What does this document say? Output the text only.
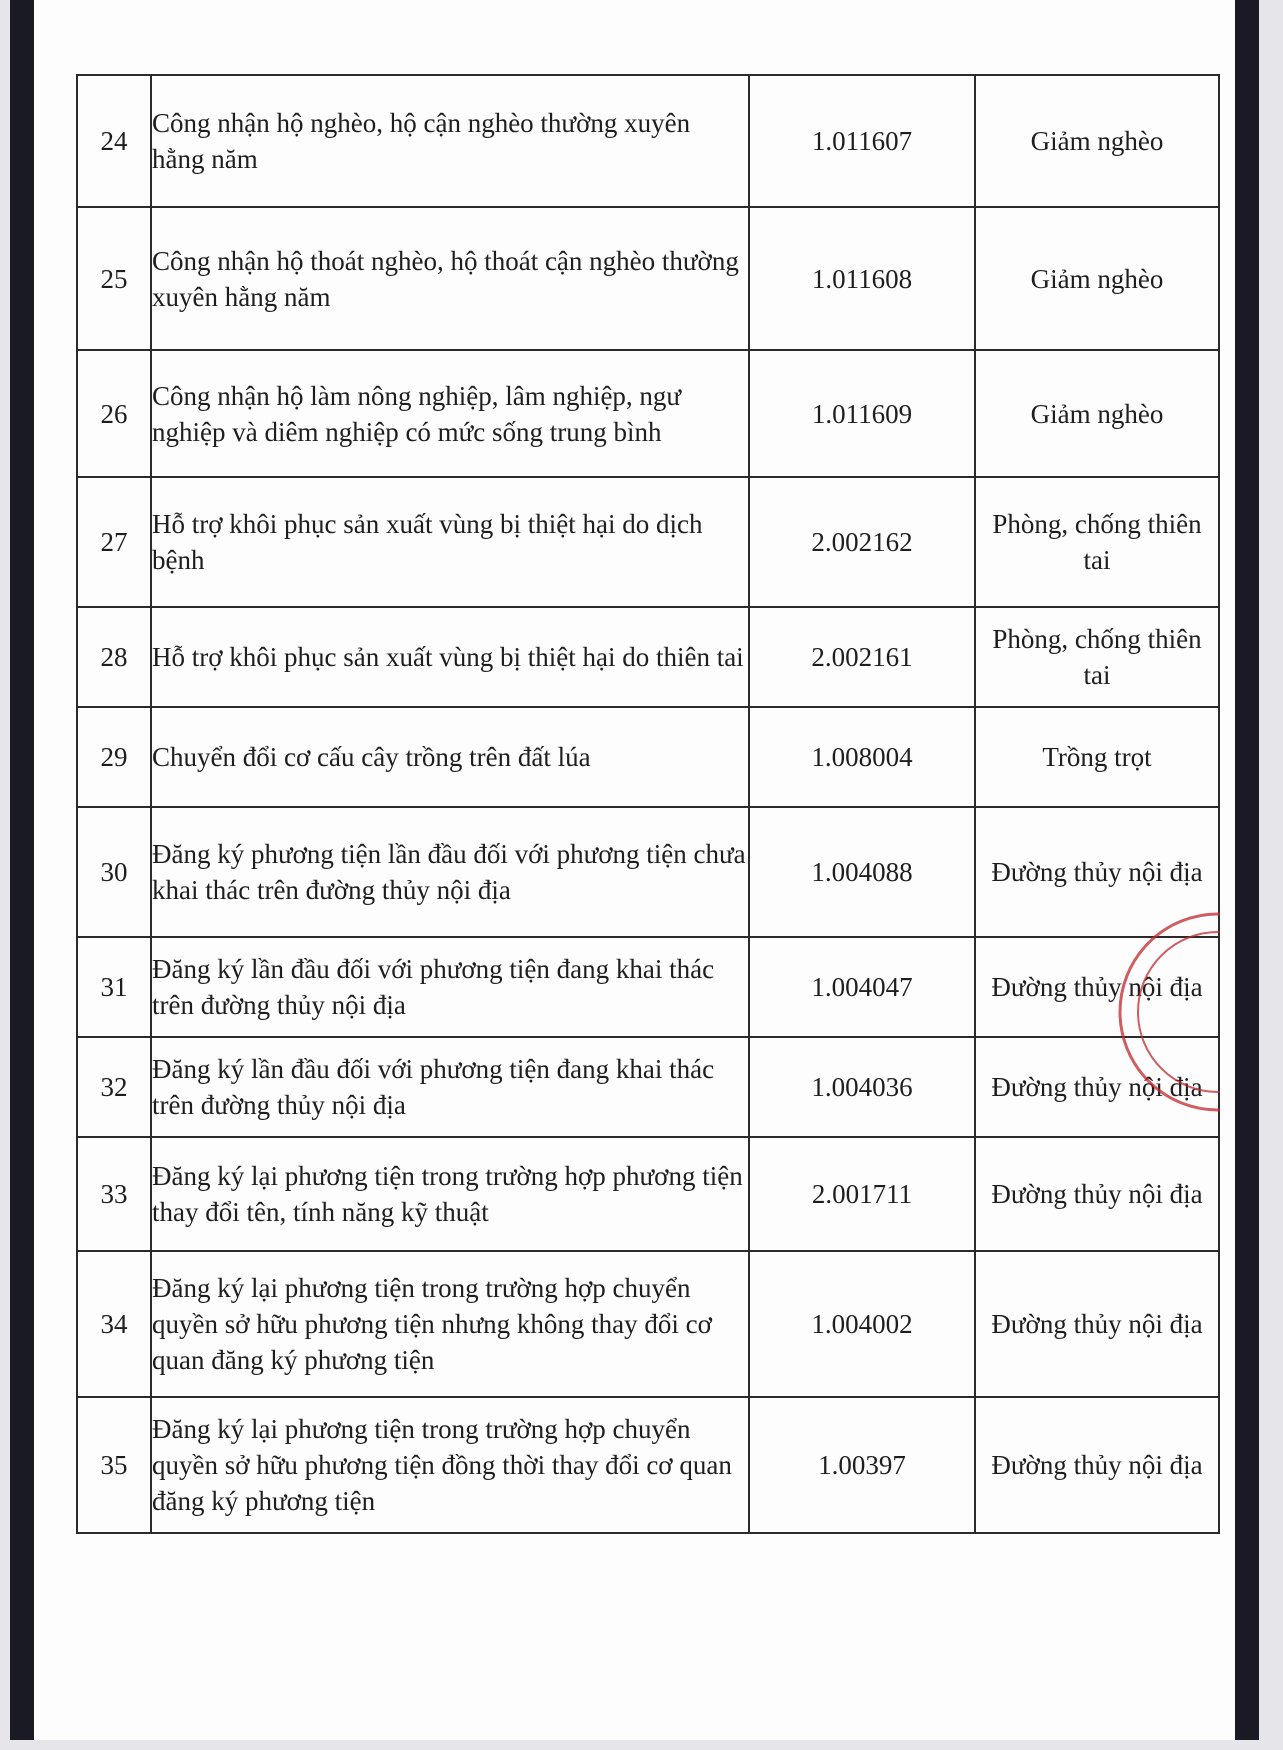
24	Công nhận hộ nghèo, hộ cận nghèo thường xuyên hằng năm	1.011607	Giảm nghèo
25	Công nhận hộ thoát nghèo, hộ thoát cận nghèo thường xuyên hằng năm	1.011608	Giảm nghèo
26	Công nhận hộ làm nông nghiệp, lâm nghiệp, ngư nghiệp và diêm nghiệp có mức sống trung bình	1.011609	Giảm nghèo
27	Hỗ trợ khôi phục sản xuất vùng bị thiệt hại do dịch bệnh	2.002162	Phòng, chống thiên tai
28	Hỗ trợ khôi phục sản xuất vùng bị thiệt hại do thiên tai	2.002161	Phòng, chống thiên tai
29	Chuyển đổi cơ cấu cây trồng trên đất lúa	1.008004	Trồng trọt
30	Đăng ký phương tiện lần đầu đối với phương tiện chưa khai thác trên đường thủy nội địa	1.004088	Đường thủy nội địa
31	Đăng ký lần đầu đối với phương tiện đang khai thác trên đường thủy nội địa	1.004047	Đường thủy nội địa
32	Đăng ký lần đầu đối với phương tiện đang khai thác trên đường thủy nội địa	1.004036	Đường thủy nội địa
33	Đăng ký lại phương tiện trong trường hợp phương tiện thay đổi tên, tính năng kỹ thuật	2.001711	Đường thủy nội địa
34	Đăng ký lại phương tiện trong trường hợp chuyển quyền sở hữu phương tiện nhưng không thay đổi cơ quan đăng ký phương tiện	1.004002	Đường thủy nội địa
35	Đăng ký lại phương tiện trong trường hợp chuyển quyền sở hữu phương tiện đồng thời thay đổi cơ quan đăng ký phương tiện	1.00397	Đường thủy nội địa
